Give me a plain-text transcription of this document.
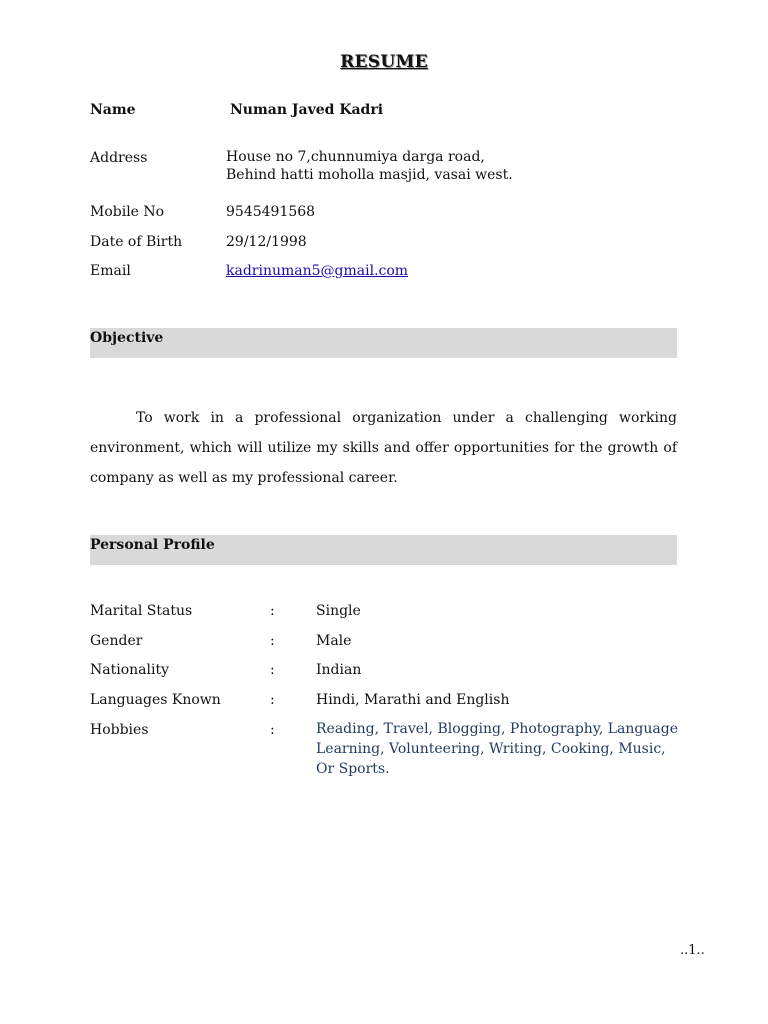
RESUME
Name	Numan Javed Kadri
Address	House no 7,chunnumiya darga road,
Behind hatti moholla masjid, vasai west.
Mobile No	9545491568
Date of Birth	29/12/1998
Email	kadrinuman5@gmail.com
Objective
To work in a professional organization under a challenging working environment, which will utilize my skills and offer opportunities for the growth of company as well as my professional career.
Personal Profile
Marital Status	:	Single
Gender	:	Male
Nationality	:	Indian
Languages Known	:	Hindi, Marathi and English
Hobbies	:	Reading, Travel, Blogging, Photography, Language Learning, Volunteering, Writing, Cooking, Music, Or Sports.
..1..
